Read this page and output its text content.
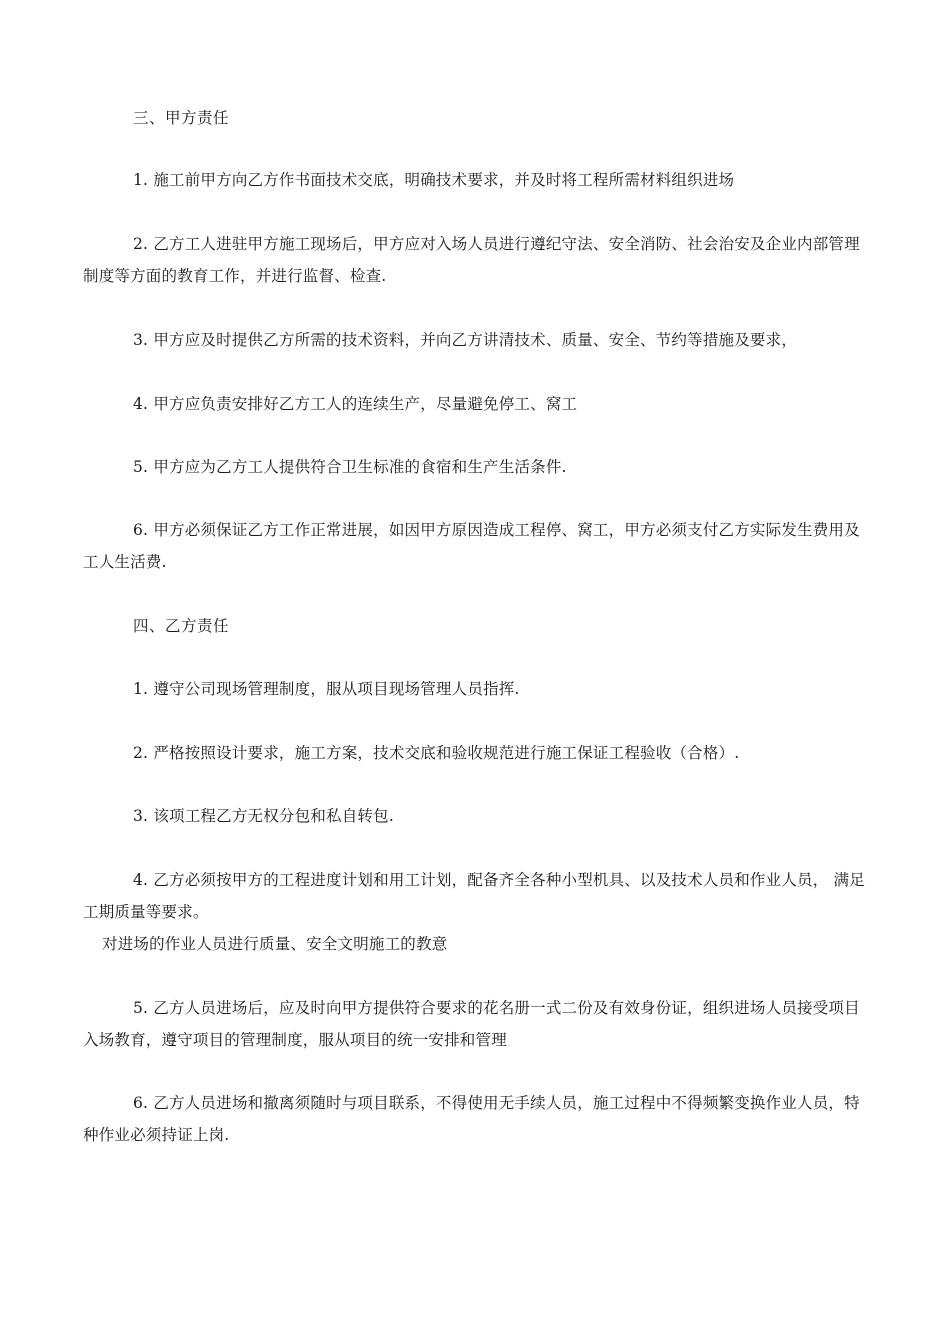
三、甲方责任

1. 施工前甲方向乙方作书面技术交底，明确技术要求，并及时将工程所需材料组织进场

2. 乙方工人进驻甲方施工现场后，甲方应对入场人员进行遵纪守法、安全消防、社会治安及企业内部管理制度等方面的教育工作，并进行监督、检查.

3. 甲方应及时提供乙方所需的技术资料，并向乙方讲清技术、质量、安全、节约等措施及要求，

4. 甲方应负责安排好乙方工人的连续生产，尽量避免停工、窝工

5. 甲方应为乙方工人提供符合卫生标准的食宿和生产生活条件.

6. 甲方必须保证乙方工作正常进展，如因甲方原因造成工程停、窝工，甲方必须支付乙方实际发生费用及工人生活费.

四、乙方责任

1. 遵守公司现场管理制度，服从项目现场管理人员指挥.

2. 严格按照设计要求，施工方案，技术交底和验收规范进行施工保证工程验收（合格）.

3. 该项工程乙方无权分包和私自转包.

4. 乙方必须按甲方的工程进度计划和用工计划，配备齐全各种小型机具、以及技术人员和作业人员， 满足工期质量等要求。

对进场的作业人员进行质量、安全文明施工的教意

5. 乙方人员进场后，应及时向甲方提供符合要求的花名册一式二份及有效身份证，组织进场人员接受项目入场教育，遵守项目的管理制度，服从项目的统一安排和管理

6. 乙方人员进场和撤离须随时与项目联系，不得使用无手续人员，施工过程中不得频繁变换作业人员，特种作业必须持证上岗.
